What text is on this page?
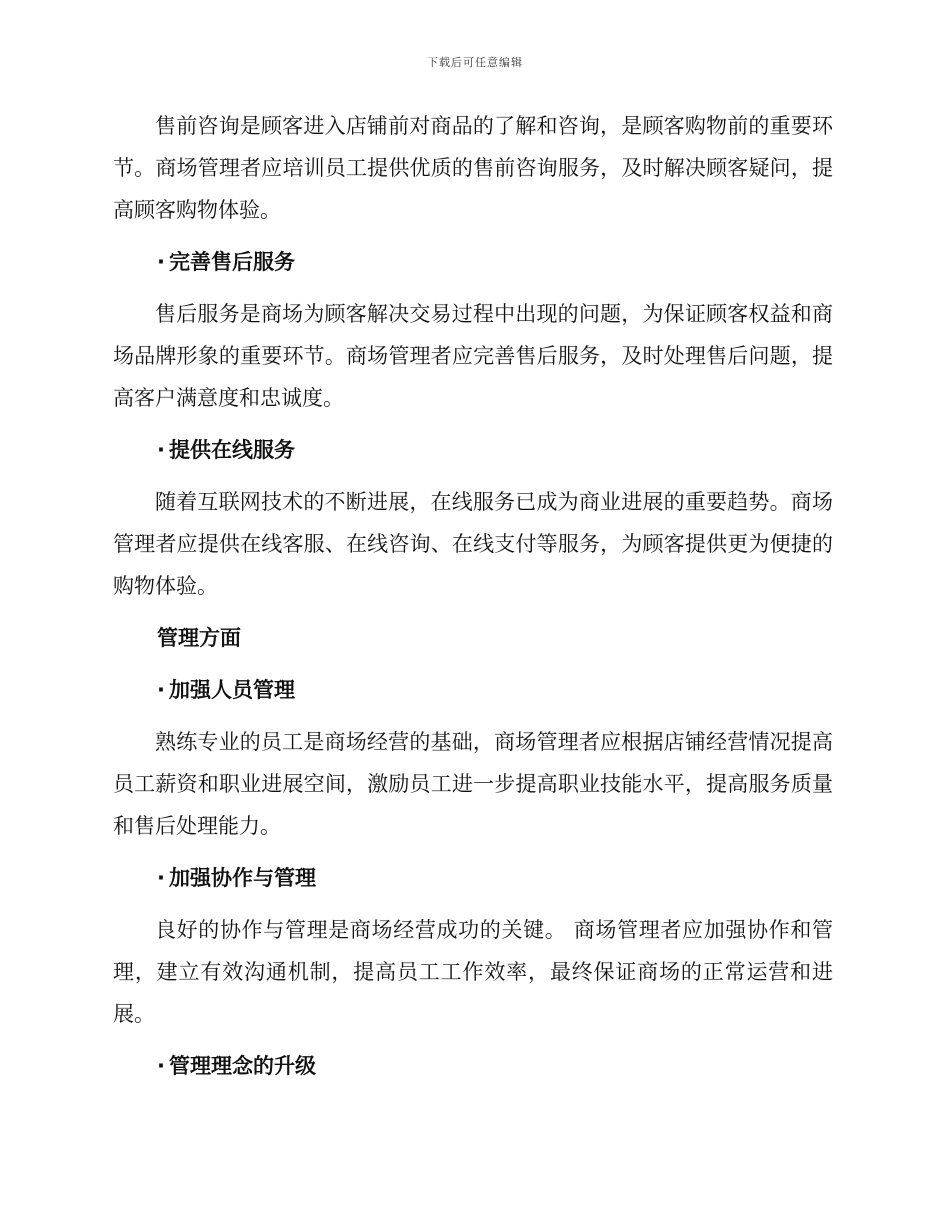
下载后可任意编辑

售前咨询是顾客进入店铺前对商品的了解和咨询，是顾客购物前的重要环节。商场管理者应培训员工提供优质的售前咨询服务，及时解决顾客疑问，提高顾客购物体验。

· 完善售后服务

售后服务是商场为顾客解决交易过程中出现的问题，为保证顾客权益和商场品牌形象的重要环节。商场管理者应完善售后服务，及时处理售后问题，提高客户满意度和忠诚度。

· 提供在线服务

随着互联网技术的不断进展，在线服务已成为商业进展的重要趋势。商场管理者应提供在线客服、在线咨询、在线支付等服务，为顾客提供更为便捷的购物体验。

管理方面
· 加强人员管理

熟练专业的员工是商场经营的基础，商场管理者应根据店铺经营情况提高员工薪资和职业进展空间，激励员工进一步提高职业技能水平，提高服务质量和售后处理能力。

· 加强协作与管理

良好的协作与管理是商场经营成功的关键。 商场管理者应加强协作和管理，建立有效沟通机制，提高员工工作效率，最终保证商场的正常运营和进展。

· 管理理念的升级
